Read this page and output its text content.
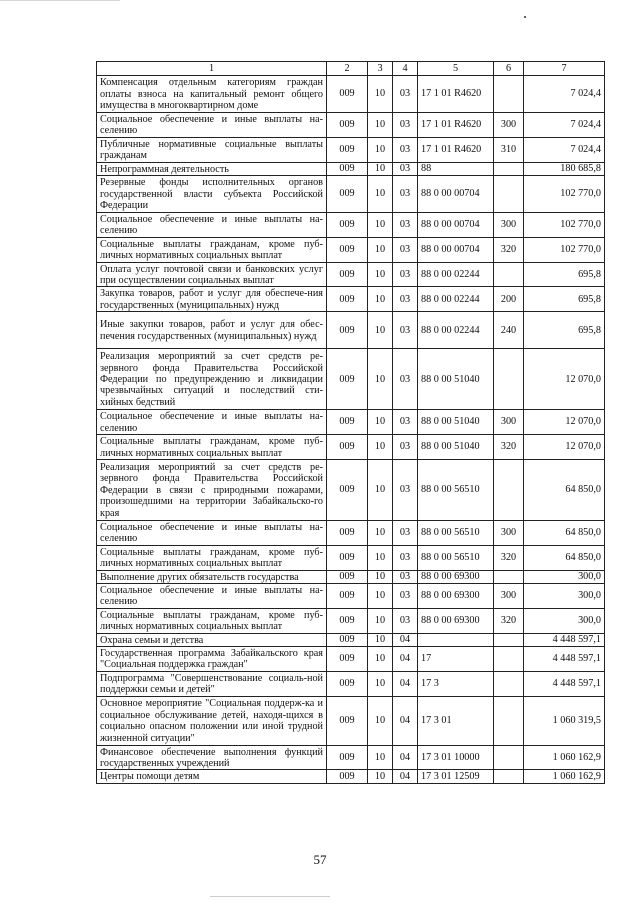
1	2	3	4	5	6	7
Компенсация отдельным категориям граждан оплаты взноса на капитальный ремонт общего имущества в многоквартирном доме	009	10	03	17 1 01 R4620		7 024,4
Социальное обеспечение и иные выплаты на-селению	009	10	03	17 1 01 R4620	300	7 024,4
Публичные нормативные социальные выплаты гражданам	009	10	03	17 1 01 R4620	310	7 024,4
Непрограммная деятельность	009	10	03	88		180 685,8
Резервные фонды исполнительных органов государственной власти субъекта Российской Федерации	009	10	03	88 0 00 00704		102 770,0
Социальное обеспечение и иные выплаты на-селению	009	10	03	88 0 00 00704	300	102 770,0
Социальные выплаты гражданам, кроме пуб-личных нормативных социальных выплат	009	10	03	88 0 00 00704	320	102 770,0
Оплата услуг почтовой связи и банковских услуг при осуществлении социальных выплат	009	10	03	88 0 00 02244		695,8
Закупка товаров, работ и услуг для обеспече-ния государственных (муниципальных) нужд	009	10	03	88 0 00 02244	200	695,8
Иные закупки товаров, работ и услуг для обес-печения государственных (муниципальных) нужд	009	10	03	88 0 00 02244	240	695,8
Реализация мероприятий за счет средств ре-зервного фонда Правительства Российской Федерации по предупреждению и ликвидации чрезвычайных ситуаций и последствий сти-хийных бедствий	009	10	03	88 0 00 51040		12 070,0
Социальное обеспечение и иные выплаты на-селению	009	10	03	88 0 00 51040	300	12 070,0
Социальные выплаты гражданам, кроме пуб-личных нормативных социальных выплат	009	10	03	88 0 00 51040	320	12 070,0
Реализация мероприятий за счет средств ре-зервного фонда Правительства Российской Федерации в связи с природными пожарами, произошедшими на территории Забайкальско-го края	009	10	03	88 0 00 56510		64 850,0
Социальное обеспечение и иные выплаты на-селению	009	10	03	88 0 00 56510	300	64 850,0
Социальные выплаты гражданам, кроме пуб-личных нормативных социальных выплат	009	10	03	88 0 00 56510	320	64 850,0
Выполнение других обязательств государства	009	10	03	88 0 00 69300		300,0
Социальное обеспечение и иные выплаты на-селению	009	10	03	88 0 00 69300	300	300,0
Социальные выплаты гражданам, кроме пуб-личных нормативных социальных выплат	009	10	03	88 0 00 69300	320	300,0
Охрана семьи и детства	009	10	04			4 448 597,1
Государственная программа Забайкальского края "Социальная поддержка граждан"	009	10	04	17		4 448 597,1
Подпрограмма "Совершенствование социаль-ной поддержки семьи и детей"	009	10	04	17 3		4 448 597,1
Основное мероприятие "Социальная поддерж-ка и социальное обслуживание детей, находя-щихся в социально опасном положении или иной трудной жизненной ситуации"	009	10	04	17 3 01		1 060 319,5
Финансовое обеспечение выполнения функций государственных учреждений	009	10	04	17 3 01 10000		1 060 162,9
Центры помощи детям	009	10	04	17 3 01 12509		1 060 162,9
57
